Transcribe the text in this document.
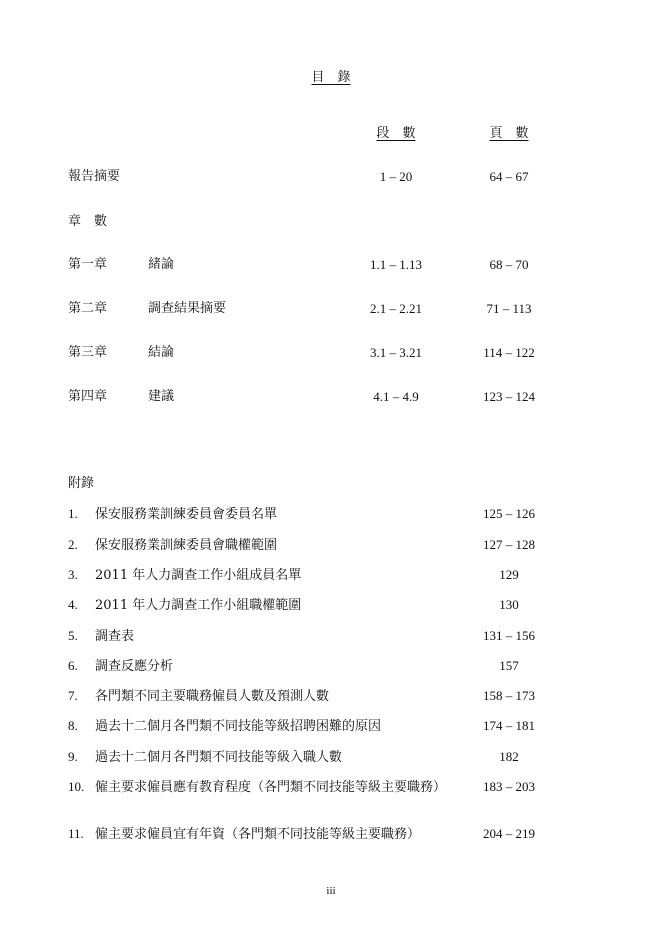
目　錄
段　數	頁　數
報告摘要	1 – 20	64 – 67
章　數
第一章	緒論	1.1 – 1.13	68 – 70
第二章	調查結果摘要	2.1 – 2.21	71 – 113
第三章	結論	3.1 – 3.21	114 – 122
第四章	建議	4.1 – 4.9	123 – 124
附錄
1. 保安服務業訓練委員會委員名單	125 – 126
2. 保安服務業訓練委員會職權範圍	127 – 128
3. 2011 年人力調查工作小組成員名單	129
4. 2011 年人力調查工作小組職權範圍	130
5. 調查表	131 – 156
6. 調查反應分析	157
7. 各門類不同主要職務僱員人數及預測人數	158 – 173
8. 過去十二個月各門類不同技能等級招聘困難的原因	174 – 181
9. 過去十二個月各門類不同技能等級入職人數	182
10. 僱主要求僱員應有教育程度（各門類不同技能等級主要職務）	183 – 203
11. 僱主要求僱員宜有年資（各門類不同技能等級主要職務）	204 – 219
iii
